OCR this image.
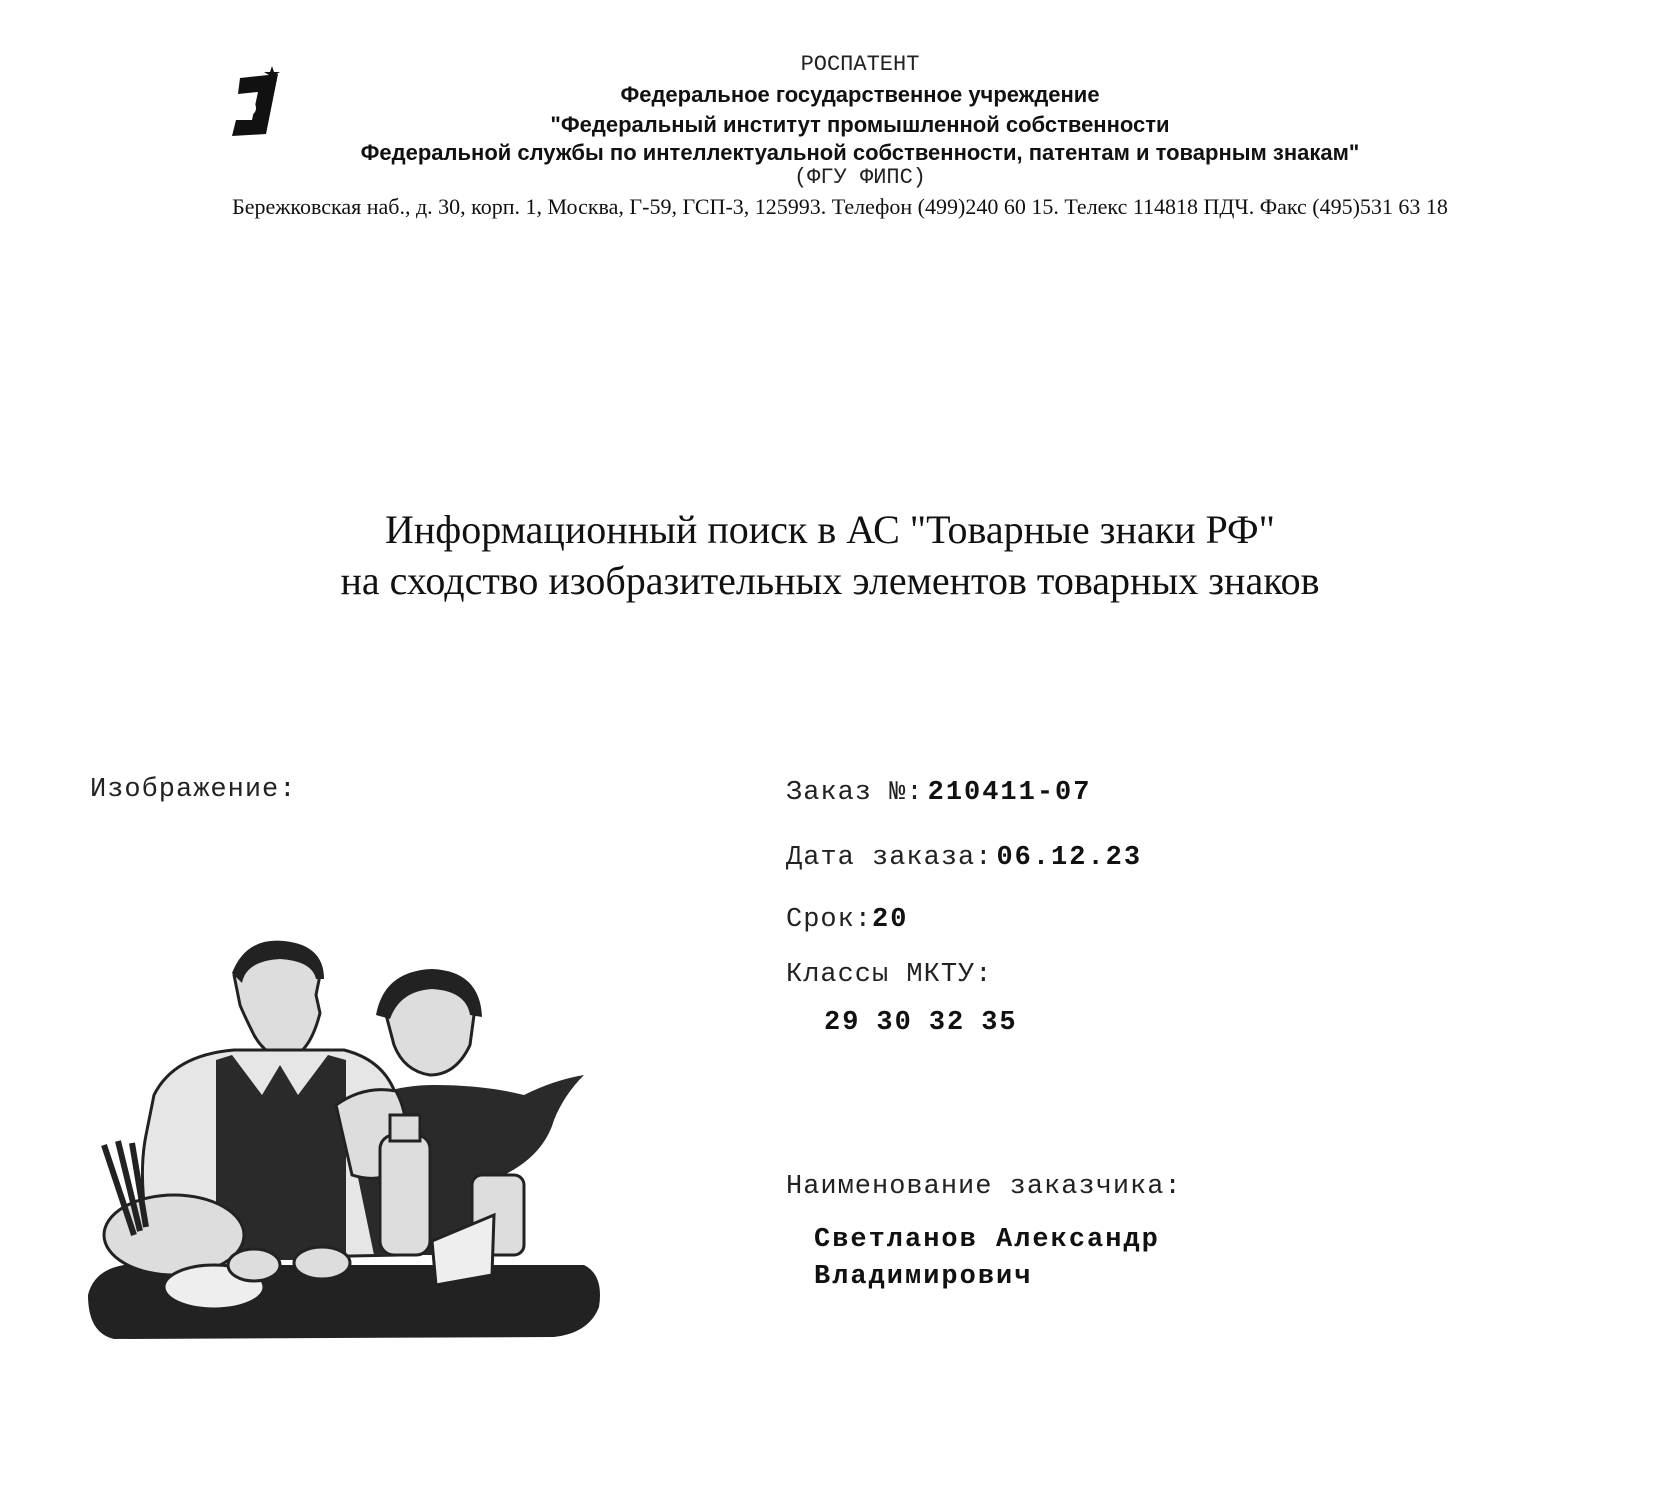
РОСПАТЕНТ
Федеральное государственное учреждение
"Федеральный институт промышленной собственности
Федеральной службы по интеллектуальной собственности, патентам и товарным знакам"
(ФГУ ФИПС)
Бережковская наб., д. 30, корп. 1, Москва, Г-59, ГСП-3, 125993. Телефон (499)240 60 15. Телекс 114818 ПДЧ. Факс (495)531 63 18
Информационный поиск в АС "Товарные знаки РФ"
на сходство изобразительных элементов товарных знаков
Изображение:	Заказ №: 210411-07
Дата заказа: 06.12.23
Срок:20
Классы МКТУ:
29 30 32 35
Наименование заказчика:
Светланов Александр
Владимирович
